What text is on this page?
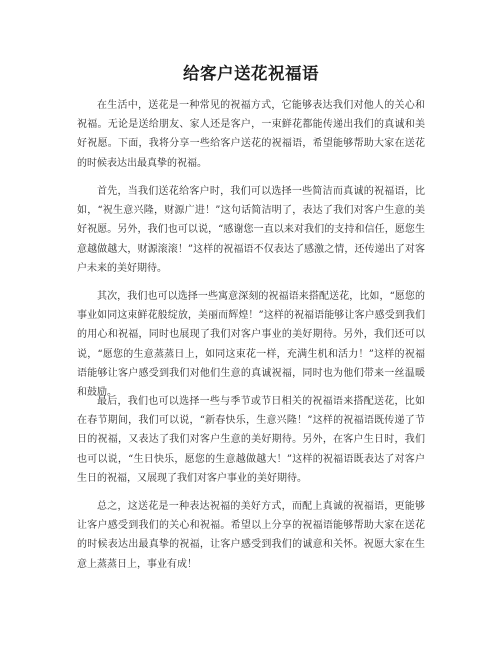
给客户送花祝福语

在生活中，送花是一种常见的祝福方式，它能够表达我们对他人的关心和祝福。无论是送给朋友、家人还是客户，一束鲜花都能传递出我们的真诚和美好祝愿。下面，我将分享一些给客户送花的祝福语，希望能够帮助大家在送花的时候表达出最真挚的祝福。

首先，当我们送花给客户时，我们可以选择一些简洁而真诚的祝福语，比如，“祝生意兴隆，财源广进！”这句话简洁明了，表达了我们对客户生意的美好祝愿。另外，我们也可以说，“感谢您一直以来对我们的支持和信任，愿您生意越做越大，财源滚滚！”这样的祝福语不仅表达了感激之情，还传递出了对客户未来的美好期待。

其次，我们也可以选择一些寓意深刻的祝福语来搭配送花，比如，“愿您的事业如同这束鲜花般绽放，美丽而辉煌！”这样的祝福语能够让客户感受到我们的用心和祝福，同时也展现了我们对客户事业的美好期待。另外，我们还可以说，“愿您的生意蒸蒸日上，如同这束花一样，充满生机和活力！”这样的祝福语能够让客户感受到我们对他们生意的真诚祝福，同时也为他们带来一丝温暖和鼓励。

最后，我们也可以选择一些与季节或节日相关的祝福语来搭配送花，比如在春节期间，我们可以说，“新春快乐，生意兴隆！”这样的祝福语既传递了节日的祝福，又表达了我们对客户生意的美好期待。另外，在客户生日时，我们也可以说，“生日快乐，愿您的生意越做越大！”这样的祝福语既表达了对客户生日的祝福，又展现了我们对客户事业的美好期待。

总之，这送花是一种表达祝福的美好方式，而配上真诚的祝福语，更能够让客户感受到我们的关心和祝福。希望以上分享的祝福语能够帮助大家在送花的时候表达出最真挚的祝福，让客户感受到我们的诚意和关怀。祝愿大家在生意上蒸蒸日上，事业有成！
